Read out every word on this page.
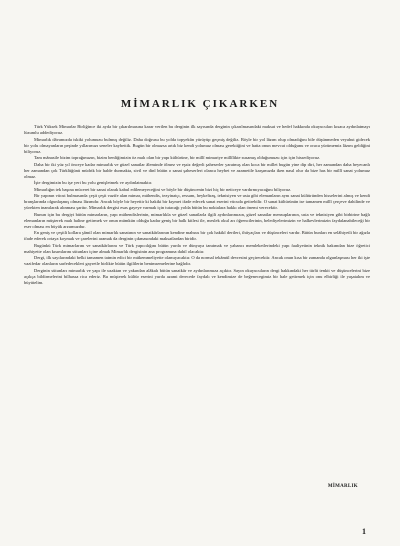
MİMARLIK ÇIKARKEN

Türk Yüksek Mimarlar Birliğince iki ayda bir çıkarılmasına karar verilen bu derginin ilk sayısında derginin çıkarılmasındaki maksat ve hedef hakkında okuyucuları kısaca aydınlatmayı lüzumlu addediyoruz.

Mimarlık dâvamızda iskiki yolumuzu bulmuş değiliz. Daha doğrusu bu yolda topyekûn yürüyüp geçmiş değiliz. Böyle bir yol lâzım olup olmadığını bile düşünmeden veyahut gidecek bir yolu olmayanların peşinde yıllarımızı seneler kaybettik. Bugün bir olmazsa artık biz kendi yolumuz olması gerektiğini ve hatta onun mevcut olduğunu ve oraca yürümemiz lâzım geldiğini biliyoruz.

Tam mânasile bizim toprağımızın, bizim benliğimizin öz malı olan bir yapı kültürüne, bir millî mimariye millîlikte susamış olduğumuzu için için hissediyoruz.

Daha bir iki yüz yıl önceye kadar mimarlık ve güzel sanatlar âleminde ölmez ve eşsiz değerli şaheserler yaratmış olan koca bir millet bugün yine dip diri, her zamandan daha heyecanlı her zamandan çok Türklüğünü müdrik bir halde durmakta, sivil ve dinî bütün o sanat şaheserleri olanca heybet ve azametile karşımızda iken nasıl olur da bize has bir millî sanat yolumuz olmaz.

İşte dergimizin bu işe yeri bu yolu genişletmek ve aydınlatmaktır.

Mimarlığın tek başına müceret bir sanat olarak kabul edilemeyeceğini ve böyle bir düşüncenin bizi hiç bir neticeye vardırmıyacağını biliyoruz.

Bir yapının vücut bulmasında çeşit çeşit vazife alan mimar, mühendis, tezyinatçı, ressam, heykeltraş, teknisiyen ve usta gibi elemanların aynı sanat kültüründen hisselerini almış ve kendi branşlarında olgunlaşmış olması lâzımdır. Ancak böyle bir heyettir ki hakiki bir kıymet ifade edecek sanat eserini vücuda getirebilir. O sanat kültürünün ise tamamen millî çerçeve dahilinde ve yürekten inanılarak alınması şarttır. Mimarlık dergisi esas gayeye varmak için tutacağı yolda bütün bu noktalara hakkı olan önemi verecektir.

Bunun için bu dergiyi bütün mimarların, yapı mühendislerinin, mimarlıkla ve güzel sanatlarla ilgili aydınlarımızın, güzel sanatlar mensuplarının, usta ve teknisiyen gibi birbirine bağlı elemanların müşterek malı haline getirmek ve onun mümkün olduğu kadar geniş bir halk kitlesi ile, meslek okul arı öğrencilerinin, belediyelerimizin ve halkevlerimizin faydalanabileceği bir eser olması en büyük arzumuzdur.

En geniş ve çeşitli kollara şâmil olan mimarlık sanatının ve sanatkârlarının kendine mahsus bir çok hakikî dertleri, ihtiyaçları ve düşünceleri vardır. Bütün bunları en selâhiyetli bir ağızla ifade ederek ortaya koymak ve çarelerini aramak da derginin çıkmasındaki maksatlardan biridir.

Bugünkü Türk mimarlarını ve sanatkârlarını ve Türk yapıcılığını bütün yurda ve dünyaya tanıtmak ve yabancı memleketlerindeki yapı faaliyetinin teknik bakımdan bize öğretici mahiyette olan kısımlarını sütunları içine almak Mimarlık dergisinin ana programına dahil olacaktır.

Dergi, ilk sayılarındaki belki tamamen tatmin edici bir mükemmeliyette olamıyacaktır. O da normal tekâmül devresini geçirecektir. Ancak onun kısa bir zamanda olgunlaşması her iki işte vazifedar olanların sarfedecekleri gayretle birlikte bütün ilgililerin benimsemelerine bağlıdır.

Derginin sütunları mimarlık ve yapı ile uzaktan ve yakından alâkalı bütün sanatkâr ve aydınlarımıza açıktır. Sayın okuyucuların dergi hakkındaki her türlü tenkit ve düşüncelerini bize açıkça bildirmelerini bilhassa rica ederiz. Bu müşterek kültür eserini yurda azami derecede faydalı ve kendimize de beğenecegimiz bir hale getirmek için onu elbirliği ile yaşatalım ve büyütelim.

MİMARLIK
1
